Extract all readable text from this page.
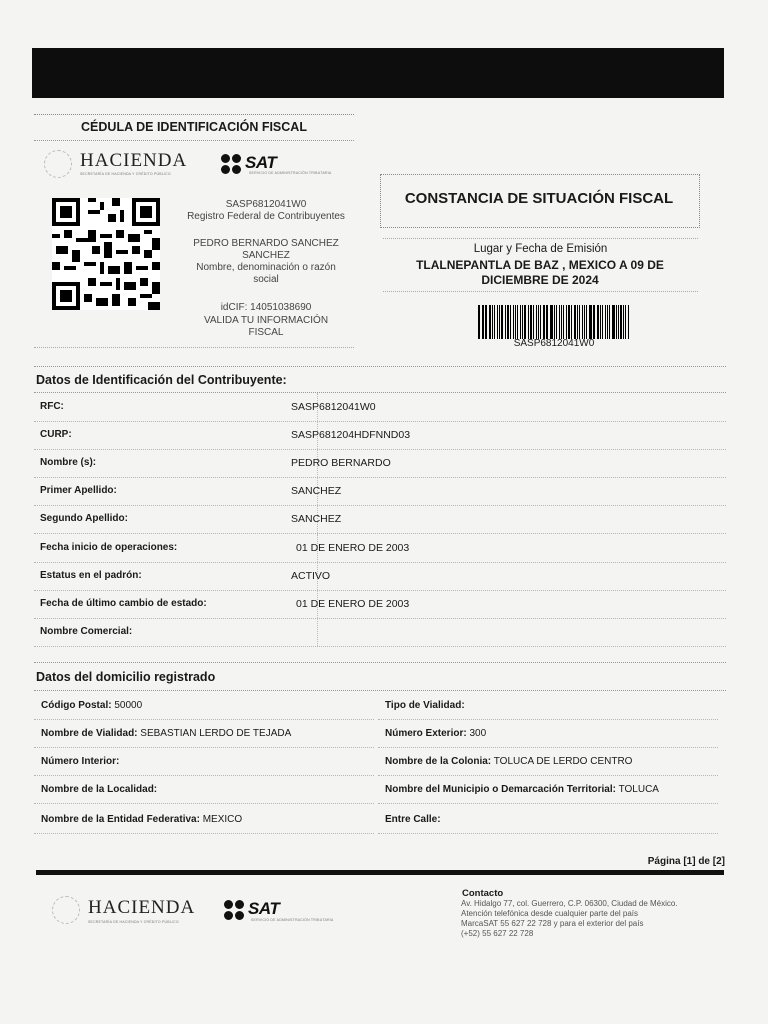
CÉDULA DE IDENTIFICACIÓN FISCAL
HACIENDA
SECRETARÍA DE HACIENDA Y CRÉDITO PÚBLICO
SAT
SERVICIO DE ADMINISTRACIÓN TRIBUTARIA
SASP6812041W0
Registro Federal de Contribuyentes
PEDRO BERNARDO SANCHEZ SANCHEZ
Nombre, denominación o razón social
idCIF: 14051038690
VALIDA TU INFORMACIÓN FISCAL
CONSTANCIA DE SITUACIÓN FISCAL
Lugar y Fecha de Emisión
TLALNEPANTLA DE BAZ , MEXICO A 09 DE DICIEMBRE DE 2024
SASP6812041W0
Datos de Identificación del Contribuyente:
RFC:	SASP6812041W0
CURP:	SASP681204HDFNND03
Nombre (s):	PEDRO BERNARDO
Primer Apellido:	SANCHEZ
Segundo Apellido:	SANCHEZ
Fecha inicio de operaciones:	01 DE ENERO DE 2003
Estatus en el padrón:	ACTIVO
Fecha de último cambio de estado:	01 DE ENERO DE 2003
Nombre Comercial:
Datos del domicilio registrado
Código Postal: 50000
Nombre de Vialidad: SEBASTIAN LERDO DE TEJADA
Número Interior:
Nombre de la Localidad:
Nombre de la Entidad Federativa: MEXICO
Tipo de Vialidad:
Número Exterior: 300
Nombre de la Colonia: TOLUCA DE LERDO CENTRO
Nombre del Municipio o Demarcación Territorial: TOLUCA
Entre Calle:
Página [1] de [2]
HACIENDA
SECRETARÍA DE HACIENDA Y CRÉDITO PÚBLICO
SAT
SERVICIO DE ADMINISTRACIÓN TRIBUTARIA
Contacto
Av. Hidalgo 77, col. Guerrero, C.P. 06300, Ciudad de México.
Atención telefónica desde cualquier parte del país
MarcaSAT 55 627 22 728 y para el exterior del país
(+52) 55 627 22 728
